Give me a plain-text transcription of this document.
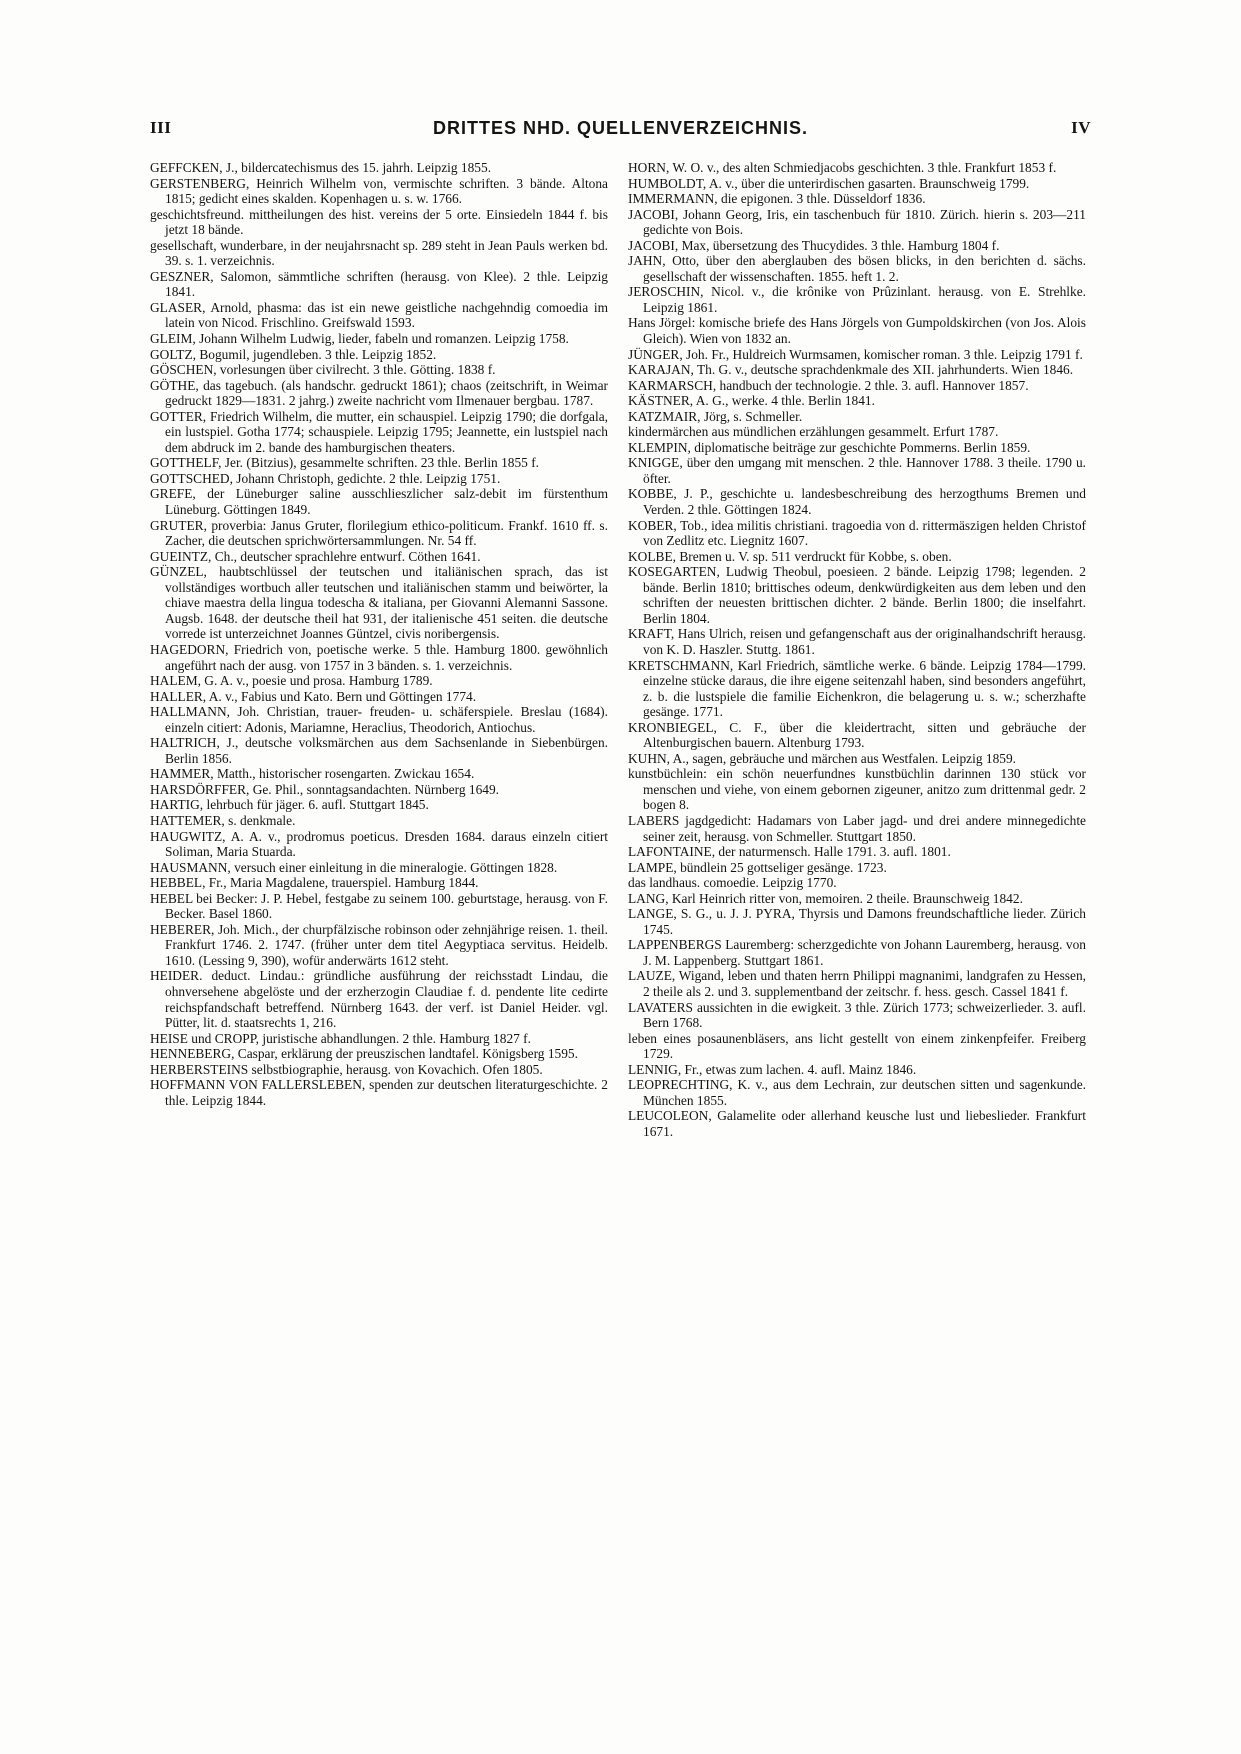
III	DRITTES NHD. QUELLENVERZEICHNIS.	IV

GEFFCKEN, J., bildercatechismus des 15. jahrh. Leipzig 1855.

GERSTENBERG, Heinrich Wilhelm von, vermischte schriften. 3 bände. Altona 1815; gedicht eines skalden. Kopenhagen u. s. w. 1766.

geschichtsfreund. mittheilungen des hist. vereins der 5 orte. Einsiedeln 1844 f. bis jetzt 18 bände.

gesellschaft, wunderbare, in der neujahrsnacht sp. 289 steht in Jean Pauls werken bd. 39. s. 1. verzeichnis.

GESZNER, Salomon, sämmtliche schriften (herausg. von Klee). 2 thle. Leipzig 1841.

GLASER, Arnold, phasma: das ist ein newe geistliche nachgehndig comoedia im latein von Nicod. Frischlino. Greifswald 1593.

GLEIM, Johann Wilhelm Ludwig, lieder, fabeln und romanzen. Leipzig 1758.

GOLTZ, Bogumil, jugendleben. 3 thle. Leipzig 1852.

GÖSCHEN, vorlesungen über civilrecht. 3 thle. Götting. 1838 f.

GÖTHE, das tagebuch. (als handschr. gedruckt 1861); chaos (zeitschrift, in Weimar gedruckt 1829—1831. 2 jahrg.) zweite nachricht vom Ilmenauer bergbau. 1787.

GOTTER, Friedrich Wilhelm, die mutter, ein schauspiel. Leipzig 1790; die dorfgala, ein lustspiel. Gotha 1774; schauspiele. Leipzig 1795; Jeannette, ein lustspiel nach dem abdruck im 2. bande des hamburgischen theaters.

GOTTHELF, Jer. (Bitzius), gesammelte schriften. 23 thle. Berlin 1855 f.

GOTTSCHED, Johann Christoph, gedichte. 2 thle. Leipzig 1751.

GREFE, der Lüneburger saline ausschlieszlicher salz-debit im fürstenthum Lüneburg. Göttingen 1849.

GRUTER, proverbia: Janus Gruter, florilegium ethico-politicum. Frankf. 1610 ff. s. Zacher, die deutschen sprichwörtersammlungen. Nr. 54 ff.

GUEINTZ, Ch., deutscher sprachlehre entwurf. Cöthen 1641.

GÜNZEL, haubtschlüssel der teutschen und italiänischen sprach, das ist vollständiges wortbuch aller teutschen und italiänischen stamm und beiwörter, la chiave maestra della lingua todescha & italiana, per Giovanni Alemanni Sassone. Augsb. 1648. der deutsche theil hat 931, der italienische 451 seiten. die deutsche vorrede ist unterzeichnet Joannes Güntzel, civis noribergensis.

HAGEDORN, Friedrich von, poetische werke. 5 thle. Hamburg 1800. gewöhnlich angeführt nach der ausg. von 1757 in 3 bänden. s. 1. verzeichnis.

HALEM, G. A. v., poesie und prosa. Hamburg 1789.

HALLER, A. v., Fabius und Kato. Bern und Göttingen 1774.

HALLMANN, Joh. Christian, trauer- freuden- u. schäferspiele. Breslau (1684). einzeln citiert: Adonis, Mariamne, Heraclius, Theodorich, Antiochus.

HALTRICH, J., deutsche volksmärchen aus dem Sachsenlande in Siebenbürgen. Berlin 1856.

HAMMER, Matth., historischer rosengarten. Zwickau 1654.

HARSDÖRFFER, Ge. Phil., sonntagsandachten. Nürnberg 1649.

HARTIG, lehrbuch für jäger. 6. aufl. Stuttgart 1845.

HATTEMER, s. denkmale.

HAUGWITZ, A. A. v., prodromus poeticus. Dresden 1684. daraus einzeln citiert Soliman, Maria Stuarda.

HAUSMANN, versuch einer einleitung in die mineralogie. Göttingen 1828.

HEBBEL, Fr., Maria Magdalene, trauerspiel. Hamburg 1844.

HEBEL bei Becker: J. P. Hebel, festgabe zu seinem 100. geburtstage, herausg. von F. Becker. Basel 1860.

HEBERER, Joh. Mich., der churpfälzische robinson oder zehnjährige reisen. 1. theil. Frankfurt 1746. 2. 1747. (früher unter dem titel Aegyptiaca servitus. Heidelb. 1610. (Lessing 9, 390), wofür anderwärts 1612 steht.

HEIDER. deduct. Lindau.: gründliche ausführung der reichsstadt Lindau, die ohnversehene abgelöste und der erzherzogin Claudiae f. d. pendente lite cedirte reichspfandschaft betreffend. Nürnberg 1643. der verf. ist Daniel Heider. vgl. Pütter, lit. d. staatsrechts 1, 216.

HEISE und CROPP, juristische abhandlungen. 2 thle. Hamburg 1827 f.

HENNEBERG, Caspar, erklärung der preuszischen landtafel. Königsberg 1595.

HERBERSTEINS selbstbiographie, herausg. von Kovachich. Ofen 1805.

HOFFMANN VON FALLERSLEBEN, spenden zur deutschen literaturgeschichte. 2 thle. Leipzig 1844.

HORN, W. O. v., des alten Schmiedjacobs geschichten. 3 thle. Frankfurt 1853 f.

HUMBOLDT, A. v., über die unterirdischen gasarten. Braunschweig 1799.

IMMERMANN, die epigonen. 3 thle. Düsseldorf 1836.

JACOBI, Johann Georg, Iris, ein taschenbuch für 1810. Zürich. hierin s. 203—211 gedichte von Bois.

JACOBI, Max, übersetzung des Thucydides. 3 thle. Hamburg 1804 f.

JAHN, Otto, über den aberglauben des bösen blicks, in den berichten d. sächs. gesellschaft der wissenschaften. 1855. heft 1. 2.

JEROSCHIN, Nicol. v., die krônike von Prûzinlant. herausg. von E. Strehlke. Leipzig 1861.

Hans Jörgel: komische briefe des Hans Jörgels von Gumpoldskirchen (von Jos. Alois Gleich). Wien von 1832 an.

JÜNGER, Joh. Fr., Huldreich Wurmsamen, komischer roman. 3 thle. Leipzig 1791 f.

KARAJAN, Th. G. v., deutsche sprachdenkmale des XII. jahrhunderts. Wien 1846.

KARMARSCH, handbuch der technologie. 2 thle. 3. aufl. Hannover 1857.

KÄSTNER, A. G., werke. 4 thle. Berlin 1841.

KATZMAIR, Jörg, s. Schmeller.

kindermärchen aus mündlichen erzählungen gesammelt. Erfurt 1787.

KLEMPIN, diplomatische beiträge zur geschichte Pommerns. Berlin 1859.

KNIGGE, über den umgang mit menschen. 2 thle. Hannover 1788. 3 theile. 1790 u. öfter.

KOBBE, J. P., geschichte u. landesbeschreibung des herzogthums Bremen und Verden. 2 thle. Göttingen 1824.

KOBER, Tob., idea militis christiani. tragoedia von d. rittermäszigen helden Christof von Zedlitz etc. Liegnitz 1607.

KOLBE, Bremen u. V. sp. 511 verdruckt für Kobbe, s. oben.

KOSEGARTEN, Ludwig Theobul, poesieen. 2 bände. Leipzig 1798; legenden. 2 bände. Berlin 1810; brittisches odeum, denkwürdigkeiten aus dem leben und den schriften der neuesten brittischen dichter. 2 bände. Berlin 1800; die inselfahrt. Berlin 1804.

KRAFT, Hans Ulrich, reisen und gefangenschaft aus der originalhandschrift herausg. von K. D. Haszler. Stuttg. 1861.

KRETSCHMANN, Karl Friedrich, sämtliche werke. 6 bände. Leipzig 1784—1799. einzelne stücke daraus, die ihre eigene seitenzahl haben, sind besonders angeführt, z. b. die lustspiele die familie Eichenkron, die belagerung u. s. w.; scherzhafte gesänge. 1771.

KRONBIEGEL, C. F., über die kleidertracht, sitten und gebräuche der Altenburgischen bauern. Altenburg 1793.

KUHN, A., sagen, gebräuche und märchen aus Westfalen. Leipzig 1859.

kunstbüchlein: ein schön neuerfundnes kunstbüchlin darinnen 130 stück vor menschen und viehe, von einem gebornen zigeuner, anitzo zum drittenmal gedr. 2 bogen 8.

LABERS jagdgedicht: Hadamars von Laber jagd- und drei andere minnegedichte seiner zeit, herausg. von Schmeller. Stuttgart 1850.

LAFONTAINE, der naturmensch. Halle 1791. 3. aufl. 1801.

LAMPE, bündlein 25 gottseliger gesänge. 1723.

das landhaus. comoedie. Leipzig 1770.

LANG, Karl Heinrich ritter von, memoiren. 2 theile. Braunschweig 1842.

LANGE, S. G., u. J. J. PYRA, Thyrsis und Damons freundschaftliche lieder. Zürich 1745.

LAPPENBERGS Lauremberg: scherzgedichte von Johann Lauremberg, herausg. von J. M. Lappenberg. Stuttgart 1861.

LAUZE, Wigand, leben und thaten herrn Philippi magnanimi, landgrafen zu Hessen, 2 theile als 2. und 3. supplementband der zeitschr. f. hess. gesch. Cassel 1841 f.

LAVATERS aussichten in die ewigkeit. 3 thle. Zürich 1773; schweizerlieder. 3. aufl. Bern 1768.

leben eines posaunenbläsers, ans licht gestellt von einem zinkenpfeifer. Freiberg 1729.

LENNIG, Fr., etwas zum lachen. 4. aufl. Mainz 1846.

LEOPRECHTING, K. v., aus dem Lechrain, zur deutschen sitten und sagenkunde. München 1855.

LEUCOLEON, Galamelite oder allerhand keusche lust und liebeslieder. Frankfurt 1671.
